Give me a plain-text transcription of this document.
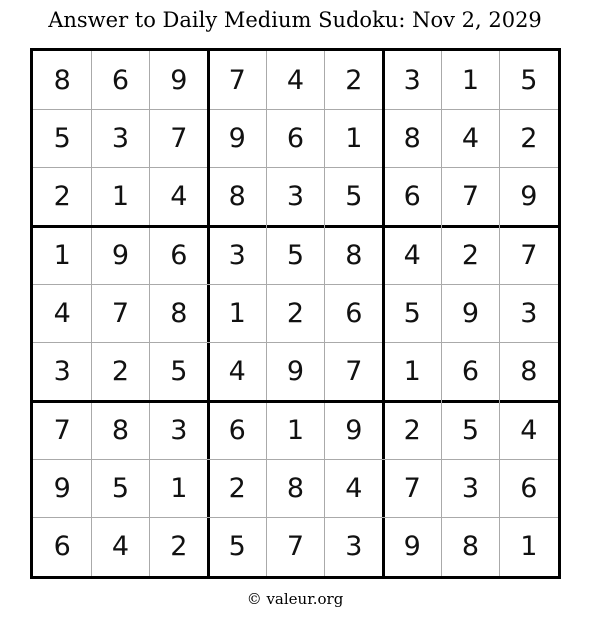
Answer to Daily Medium Sudoku: Nov 2, 2029
8	6	9	7	4	2	3	1	5
5	3	7	9	6	1	8	4	2
2	1	4	8	3	5	6	7	9
1	9	6	3	5	8	4	2	7
4	7	8	1	2	6	5	9	3
3	2	5	4	9	7	1	6	8
7	8	3	6	1	9	2	5	4
9	5	1	2	8	4	7	3	6
6	4	2	5	7	3	9	8	1
© valeur.org
